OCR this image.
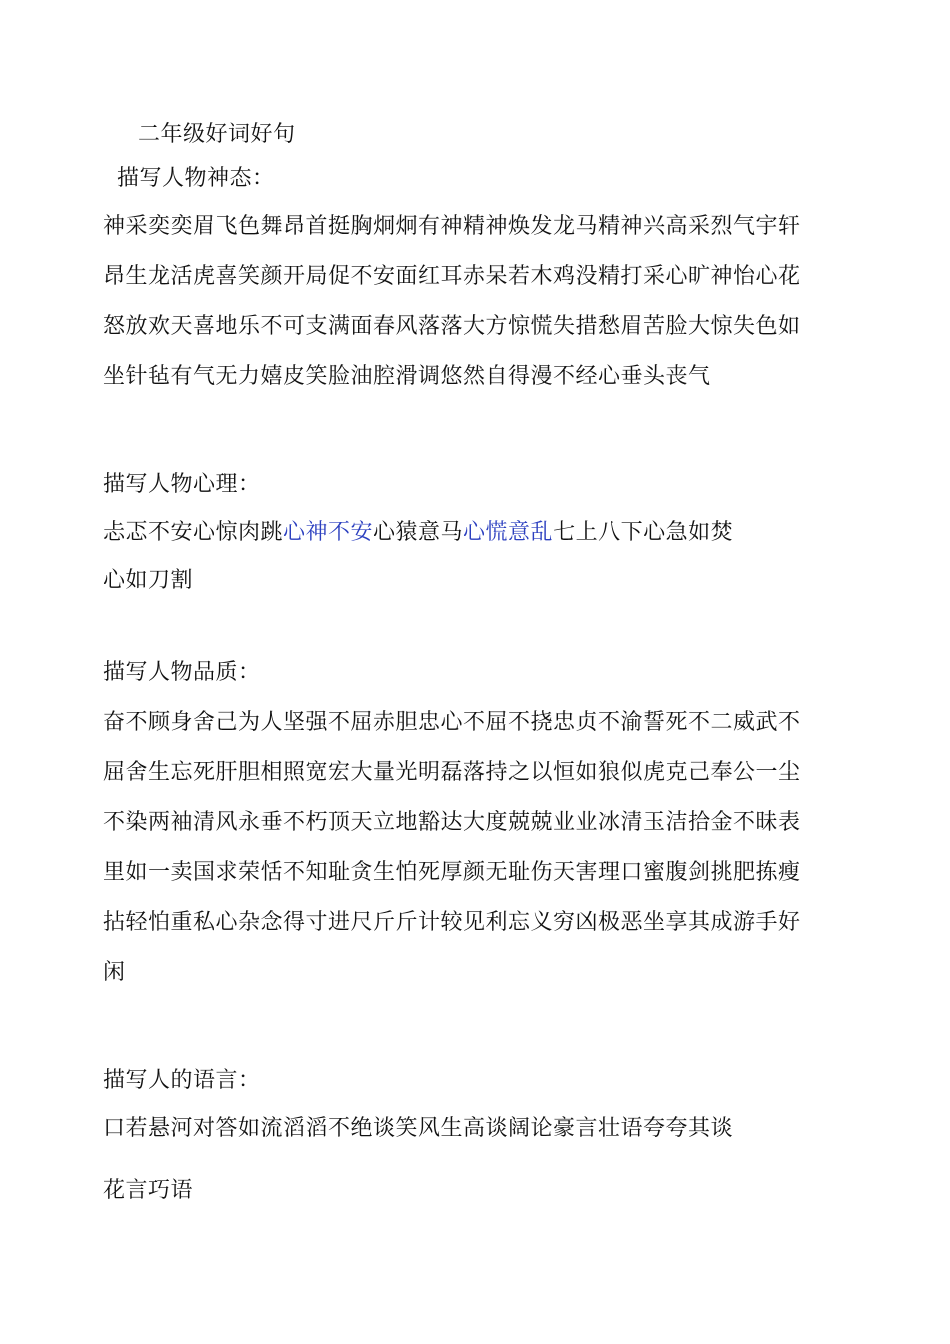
二年级好词好句
描写人物神态：
神采奕奕眉飞色舞昂首挺胸炯炯有神精神焕发龙马精神兴高采烈气宇轩
昂生龙活虎喜笑颜开局促不安面红耳赤呆若木鸡没精打采心旷神怡心花
怒放欢天喜地乐不可支满面春风落落大方惊慌失措愁眉苦脸大惊失色如
坐针毡有气无力嬉皮笑脸油腔滑调悠然自得漫不经心垂头丧气
描写人物心理：
忐忑不安心惊肉跳心神不安心猿意马心慌意乱七上八下心急如焚
心如刀割
描写人物品质：
奋不顾身舍己为人坚强不屈赤胆忠心不屈不挠忠贞不渝誓死不二威武不
屈舍生忘死肝胆相照宽宏大量光明磊落持之以恒如狼似虎克己奉公一尘
不染两袖清风永垂不朽顶天立地豁达大度兢兢业业冰清玉洁拾金不昧表
里如一卖国求荣恬不知耻贪生怕死厚颜无耻伤天害理口蜜腹剑挑肥拣瘦
拈轻怕重私心杂念得寸进尺斤斤计较见利忘义穷凶极恶坐享其成游手好
闲
描写人的语言：
口若悬河对答如流滔滔不绝谈笑风生高谈阔论豪言壮语夸夸其谈
花言巧语
